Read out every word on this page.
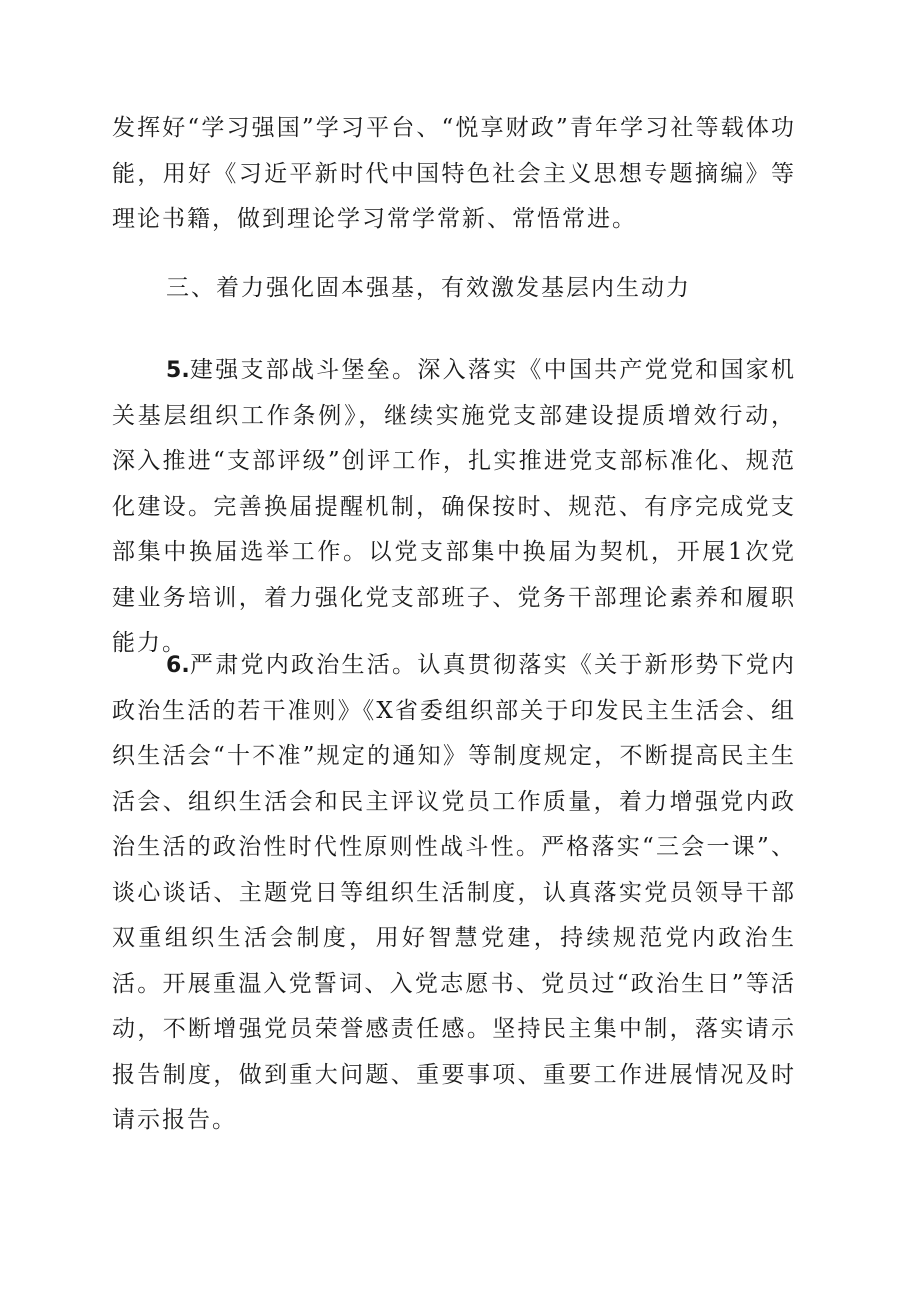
发挥好“学习强国”学习平台、“悦享财政”青年学习社等载体功能，用好《习近平新时代中国特色社会主义思想专题摘编》等理论书籍，做到理论学习常学常新、常悟常进。

三、着力强化固本强基，有效激发基层内生动力

5.建强支部战斗堡垒。深入落实《中国共产党党和国家机关基层组织工作条例》，继续实施党支部建设提质增效行动，深入推进“支部评级”创评工作，扎实推进党支部标准化、规范化建设。完善换届提醒机制，确保按时、规范、有序完成党支部集中换届选举工作。以党支部集中换届为契机，开展1次党建业务培训，着力强化党支部班子、党务干部理论素养和履职能力。

6.严肃党内政治生活。认真贯彻落实《关于新形势下党内政治生活的若干准则》《X省委组织部关于印发民主生活会、组织生活会“十不准”规定的通知》等制度规定，不断提高民主生活会、组织生活会和民主评议党员工作质量，着力增强党内政治生活的政治性时代性原则性战斗性。严格落实“三会一课”、谈心谈话、主题党日等组织生活制度，认真落实党员领导干部双重组织生活会制度，用好智慧党建，持续规范党内政治生活。开展重温入党誓词、入党志愿书、党员过“政治生日”等活动，不断增强党员荣誉感责任感。坚持民主集中制，落实请示报告制度，做到重大问题、重要事项、重要工作进展情况及时请示报告。
